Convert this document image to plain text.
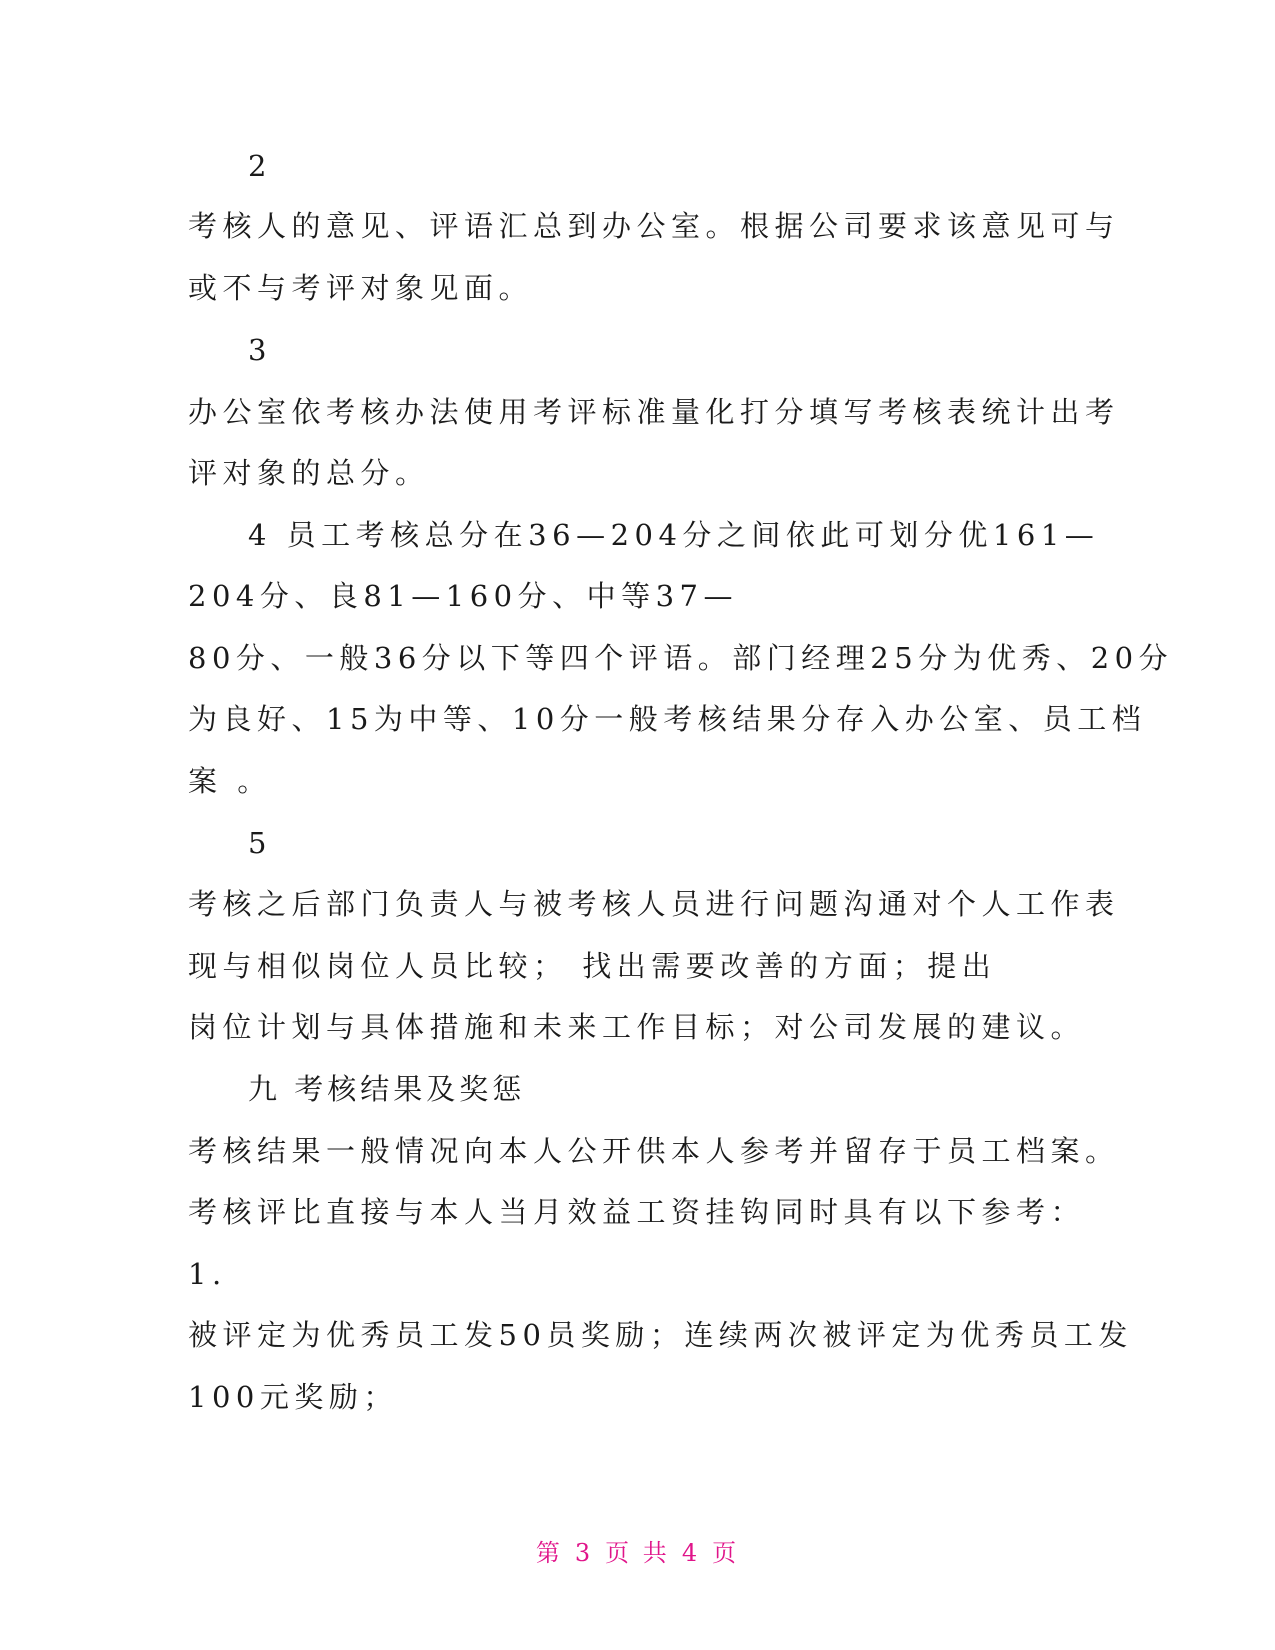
2
考核人的意见、评语汇总到办公室。根据公司要求该意见可与
或不与考评对象见面。
3
办公室依考核办法使用考评标准量化打分填写考核表统计出考
评对象的总分。
4 员工考核总分在36—204分之间依此可划分优161—
204分、良81—160分、中等37—
80分、一般36分以下等四个评语。部门经理25分为优秀、20分
为良好、15为中等、10分一般考核结果分存入办公室、员工档
案 。
5
考核之后部门负责人与被考核人员进行问题沟通对个人工作表
现与相似岗位人员比较； 找出需要改善的方面；提出
岗位计划与具体措施和未来工作目标；对公司发展的建议。
九 考核结果及奖惩
考核结果一般情况向本人公开供本人参考并留存于员工档案。
考核评比直接与本人当月效益工资挂钩同时具有以下参考：
1.
被评定为优秀员工发50员奖励；连续两次被评定为优秀员工发
100元奖励；
第 3 页 共 4 页
